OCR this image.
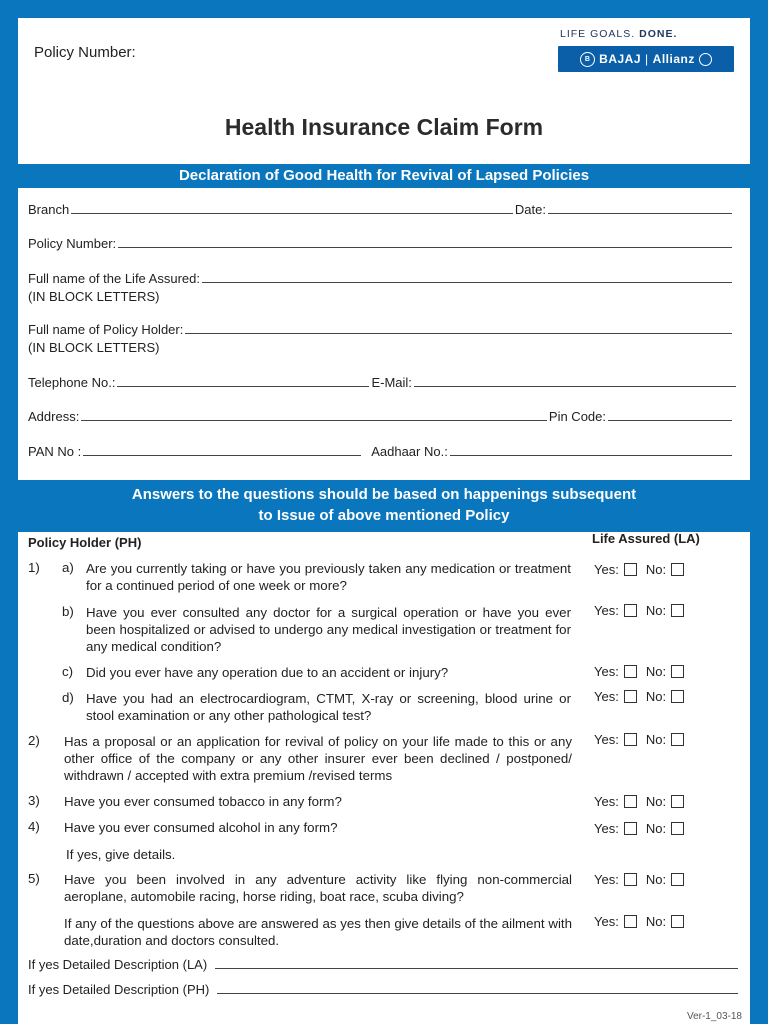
Policy Number:
LIFE GOALS. DONE.
B BAJAJ | Allianz
Health Insurance Claim Form
Declaration of Good Health for Revival of Lapsed Policies
Branch	Date:
Policy Number:
Full name of the Life Assured:
(IN BLOCK LETTERS)
Full name of Policy Holder:
(IN BLOCK LETTERS)
Telephone No.:	E-Mail:
Address:	Pin Code:
PAN No :	Aadhaar No.:
Answers to the questions should be based on happenings subsequent
to Issue of above mentioned Policy
Policy Holder (PH)	Life Assured (LA)
1) a) Are you currently taking or have you previously taken any medication or treatment for a continued period of one week or more?
Yes: No:
b) Have you ever consulted any doctor for a surgical operation or have you ever been hospitalized or advised to undergo any medical investigation or treatment for any medical condition?
Yes: No:
c) Did you ever have any operation due to an accident or injury?	Yes: No:
d) Have you had an electrocardiogram, CTMT, X-ray or screening, blood urine or stool examination or any other pathological test?
Yes: No:
2) Has a proposal or an application for revival of policy on your life made to this or any other office of the company or any other insurer ever been declined / postponed/ withdrawn / accepted with extra premium /revised terms
Yes: No:
3) Have you ever consumed tobacco in any form?	Yes: No:
4) Have you ever consumed alcohol in any form?	Yes: No:
If yes, give details.
5) Have you been involved in any adventure activity like flying non-commercial aeroplane, automobile racing, horse riding, boat race, scuba diving?
Yes: No:
If any of the questions above are answered as yes then give details of the ailment with date,duration and doctors consulted.
Yes: No:
If yes Detailed Description (LA)
If yes Detailed Description (PH)
Ver-1_03-18
